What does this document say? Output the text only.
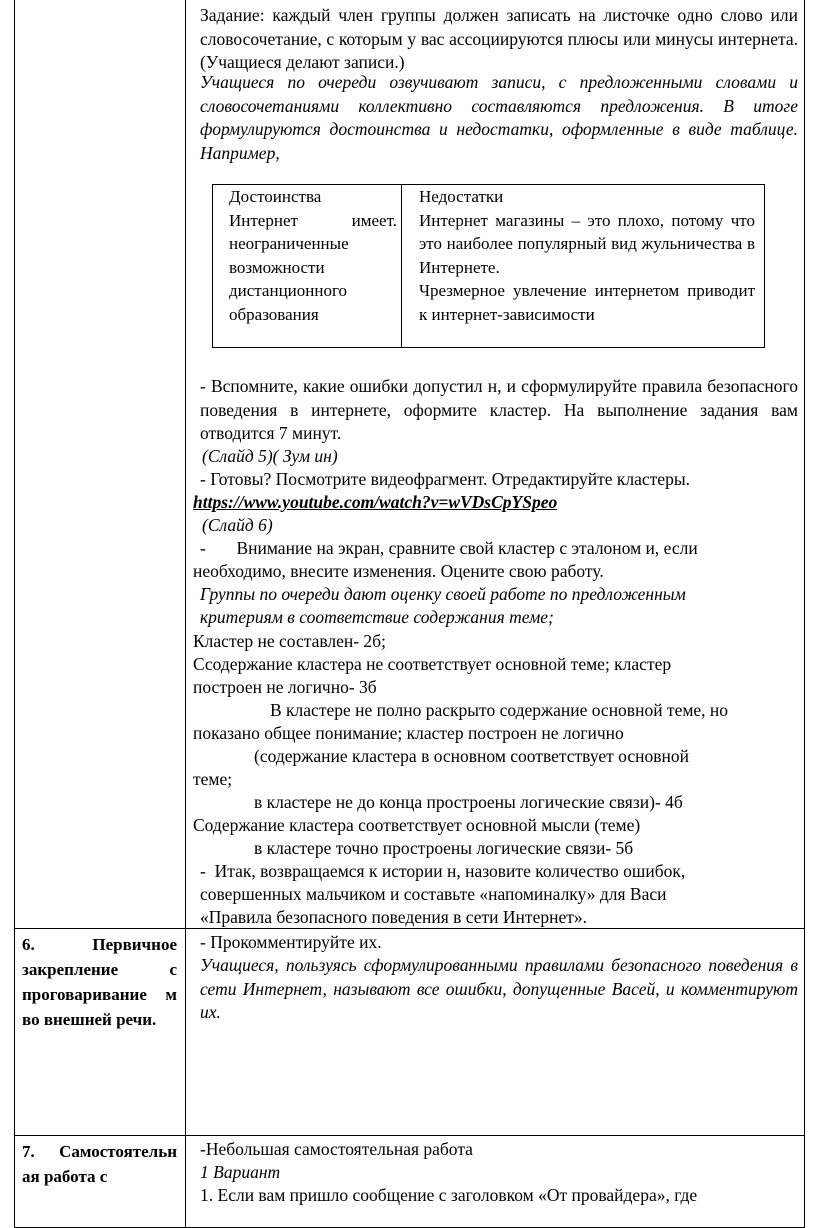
Задание: каждый член группы должен записать на листочке одно слово или словосочетание, с которым у вас ассоциируются плюсы или минусы интернета. (Учащиеся делают записи.)
Учащиеся по очереди озвучивают записи, с предложенными словами и словосочетаниями коллективно составляются предложения. В итоге формулируются достоинства и недостатки, оформленные в виде таблице. Например,
Достоинства
Интернет имеет. неограниченные возможности дистанционного образования
Недостатки
Интернет магазины – это плохо, потому что это наиболее популярный вид жульничества в Интернете.
Чрезмерное увлечение интернетом приводит к интернет-зависимости
- Вспомните, какие ошибки допустил н, и сформулируйте правила безопасного поведения в интернете, оформите кластер. На выполнение задания вам отводится 7 минут.
(Слайд 5)( Зум ин)
- Готовы? Посмотрите видеофрагмент. Отредактируйте кластеры.
https://www.youtube.com/watch?v=wVDsCpYSpeo
(Слайд 6)
-       Внимание на экран, сравните свой кластер с эталоном и, если
необходимо, внесите изменения. Оцените свою работу.
Группы по очереди дают оценку своей работе по предложенным
критериям в соответствие содержания теме;
Кластер не составлен- 2б;
Ссодержание кластера не соответствует основной теме; кластер
построен не логично- 3б
В кластере не полно раскрыто содержание основной теме, но
показано общее понимание; кластер построен не логично
(содержание кластера в основном соответствует основной
теме;
в кластере не до конца прострoены логические связи)- 4б
Содержание кластера соответствует основной мысли (теме)
в кластере точно прострoены логические связи- 5б
-  Итак, возвращаемся к истории н, назовите количество ошибок,
совершенных мальчиком и составьте «напоминалку» для Васи
«Правила безопасного поведения в сети Интернет».
6. Первичное закрепление с проговаривание м во внешней речи.
- Прокомментируйте их.
Учащиеся, пользуясь сформулированными правилами безопасного поведения в сети Интернет, называют все ошибки, допущенные Васей, и комментируют их.
7. Самостоятельн ая работа с
-Небольшая самостоятельная работа
1 Вариант
1. Если вам пришло сообщение с заголовком «От провайдера», где
